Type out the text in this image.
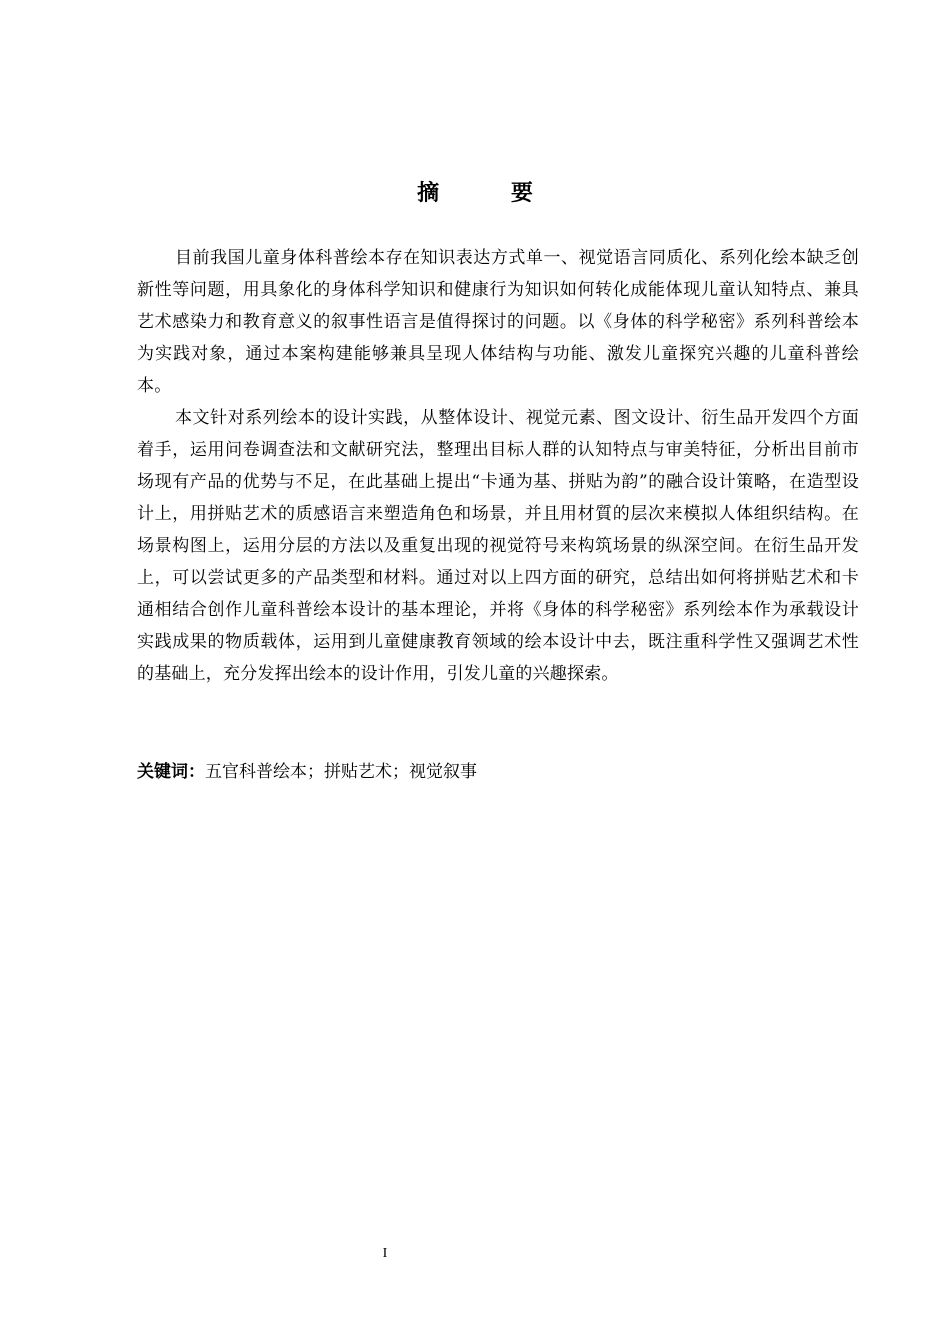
摘 要

目前我国儿童身体科普绘本存在知识表达方式单一、视觉语言同质化、系列化绘本缺乏创新性等问题，用具象化的身体科学知识和健康行为知识如何转化成能体现儿童认知特点、兼具艺术感染力和教育意义的叙事性语言是值得探讨的问题。以《身体的科学秘密》系列科普绘本为实践对象，通过本案构建能够兼具呈现人体结构与功能、激发儿童探究兴趣的儿童科普绘本。

本文针对系列绘本的设计实践，从整体设计、视觉元素、图文设计、衍生品开发四个方面着手，运用问卷调查法和文献研究法，整理出目标人群的认知特点与审美特征，分析出目前市场现有产品的优势与不足，在此基础上提出“卡通为基、拼贴为韵”的融合设计策略，在造型设计上，用拼贴艺术的质感语言来塑造角色和场景，并且用材質的层次来模拟人体组织结构。在场景构图上，运用分层的方法以及重复出现的视觉符号来构筑场景的纵深空间。在衍生品开发上，可以尝试更多的产品类型和材料。通过对以上四方面的研究，总结出如何将拼贴艺术和卡通相结合创作儿童科普绘本设计的基本理论，并将《身体的科学秘密》系列绘本作为承载设计实践成果的物质载体，运用到儿童健康教育领域的绘本设计中去，既注重科学性又强调艺术性的基础上，充分发挥出绘本的设计作用，引发儿童的兴趣探索。

关键词：五官科普绘本；拼贴艺术；视觉叙事
I
